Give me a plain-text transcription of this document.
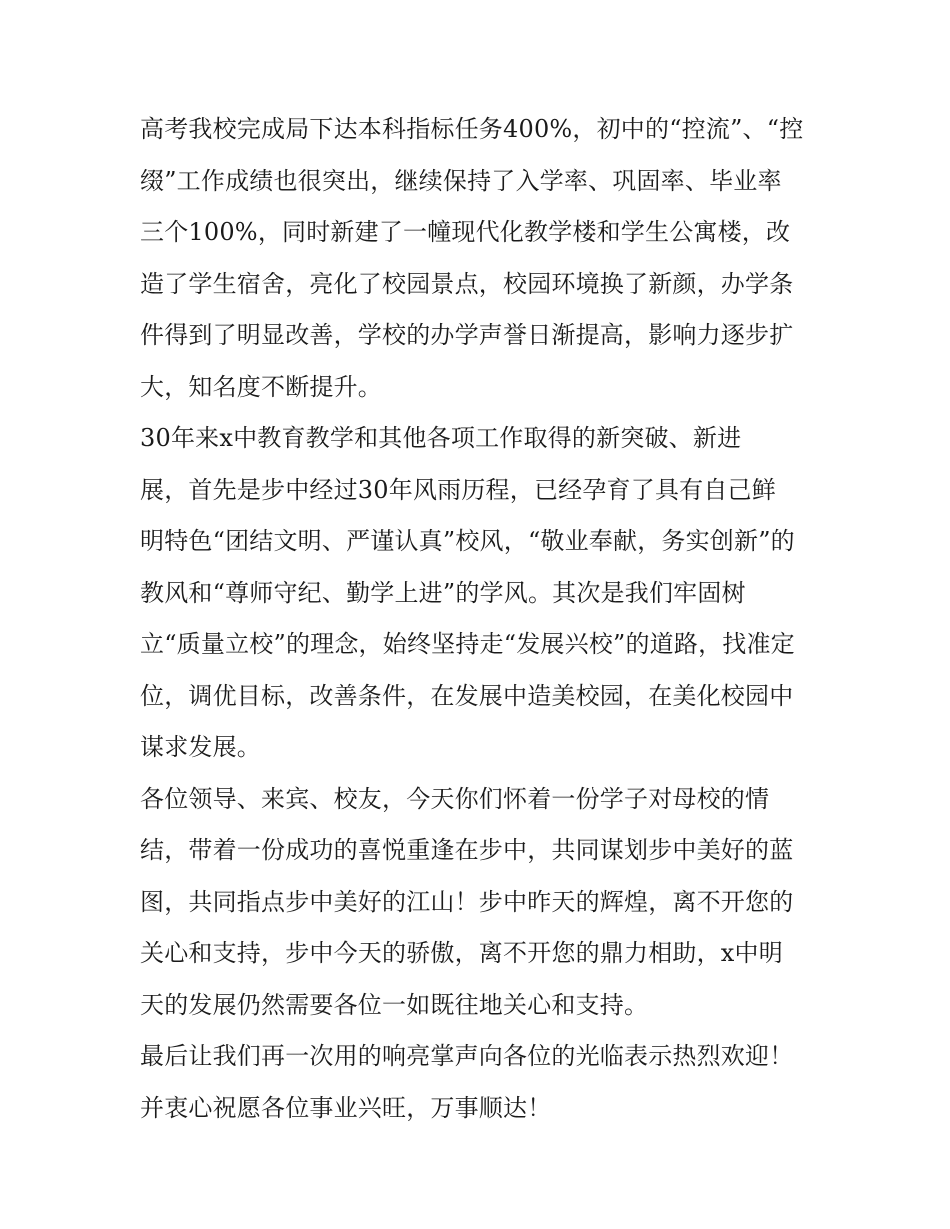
高考我校完成局下达本科指标任务400%，初中的“控流”、“控
缀”工作成绩也很突出，继续保持了入学率、巩固率、毕业率
三个100%，同时新建了一幢现代化教学楼和学生公寓楼，改
造了学生宿舍，亮化了校园景点，校园环境换了新颜，办学条
件得到了明显改善，学校的办学声誉日渐提高，影响力逐步扩
大，知名度不断提升。
30年来x中教育教学和其他各项工作取得的新突破、新进
展，首先是步中经过30年风雨历程，已经孕育了具有自己鲜
明特色“团结文明、严谨认真”校风，“敬业奉献，务实创新”的
教风和“尊师守纪、勤学上进”的学风。其次是我们牢固树
立“质量立校”的理念，始终坚持走“发展兴校”的道路，找准定
位，调优目标，改善条件，在发展中造美校园，在美化校园中
谋求发展。
各位领导、来宾、校友，今天你们怀着一份学子对母校的情
结，带着一份成功的喜悦重逢在步中，共同谋划步中美好的蓝
图，共同指点步中美好的江山！步中昨天的辉煌，离不开您的
关心和支持，步中今天的骄傲，离不开您的鼎力相助，x中明
天的发展仍然需要各位一如既往地关心和支持。
最后让我们再一次用的响亮掌声向各位的光临表示热烈欢迎！
并衷心祝愿各位事业兴旺，万事顺达！
